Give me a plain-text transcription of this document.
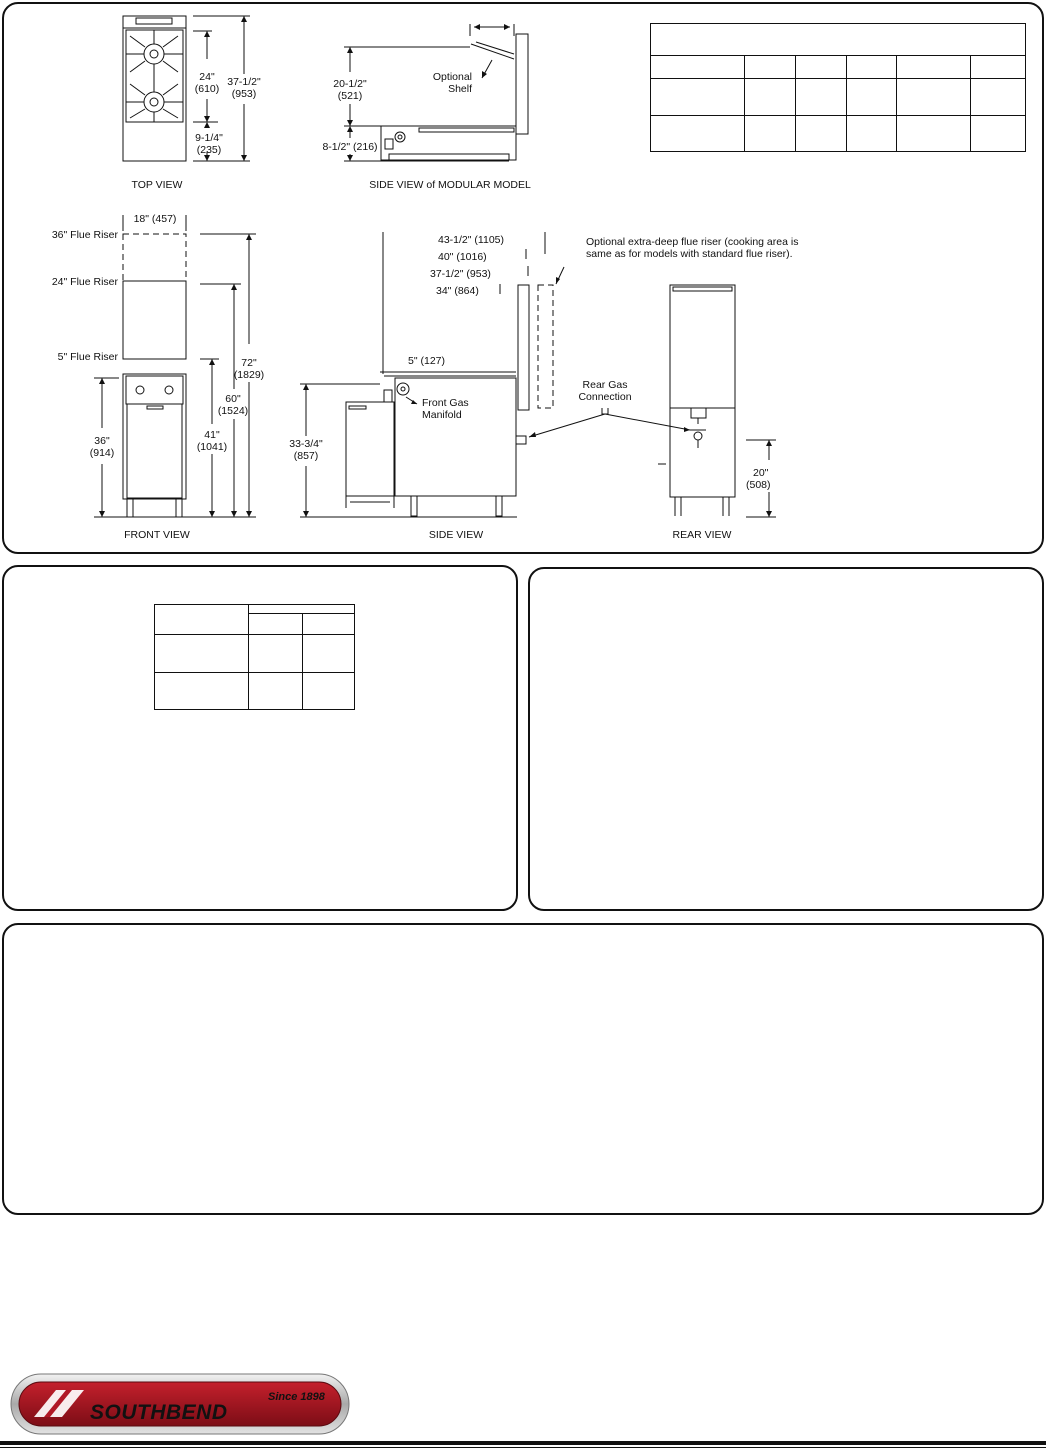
TOP VIEW
24"
(610)
37-1/2"
(953)
9-1/4"
(235)
SIDE VIEW of MODULAR MODEL
20-1/2"
(521)
8-1/2" (216)
Optional
Shelf
FRONT VIEW
18" (457)
36" Flue Riser
24" Flue Riser
5" Flue Riser
36"
(914)
41"
(1041)
60"
(1524)
72"
(1829)
SIDE VIEW
43-1/2" (1105)
40" (1016)
37-1/2" (953)
34" (864)
5" (127)
33-3/4"
(857)
Front Gas
Manifold
Optional extra-deep flue riser (cooking area is
same as for models with standard flue riser).
REAR VIEW
Rear Gas
Connection
20"
(508)

Since 1898
SOUTHBEND
